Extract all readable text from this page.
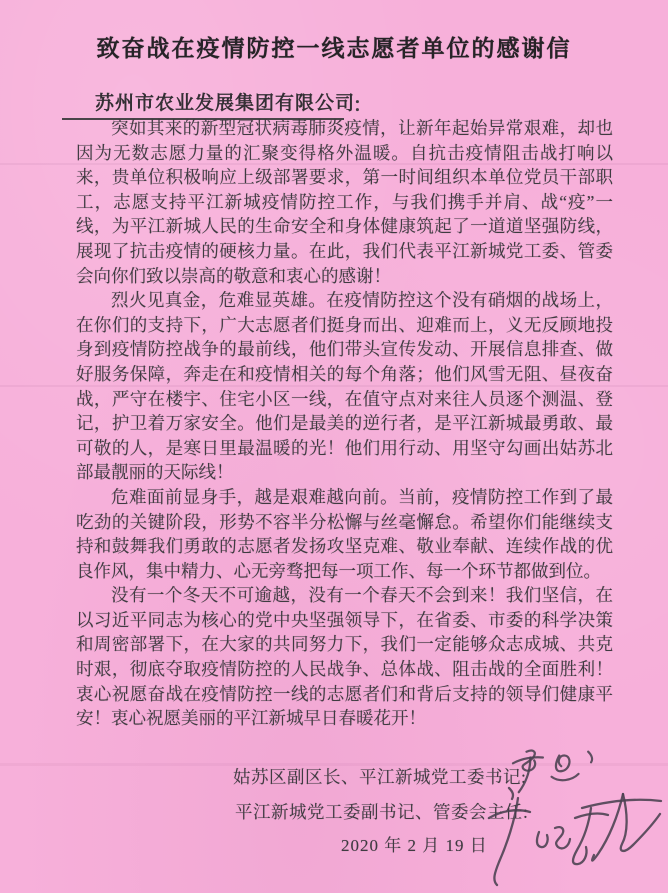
致奋战在疫情防控一线志愿者单位的感谢信
苏州市农业发展集团有限公司
：

突如其来的新型冠状病毒肺炎疫情，让新年起始异常艰难，却也因为无数志愿力量的汇聚变得格外温暖。自抗击疫情阻击战打响以来，贵单位积极响应上级部署要求，第一时间组织本单位党员干部职工，志愿支持平江新城疫情防控工作，与我们携手并肩、战“疫”一线，为平江新城人民的生命安全和身体健康筑起了一道道坚强防线，展现了抗击疫情的硬核力量。在此，我们代表平江新城党工委、管委会向你们致以崇高的敬意和衷心的感谢！

烈火见真金，危难显英雄。在疫情防控这个没有硝烟的战场上，在你们的支持下，广大志愿者们挺身而出、迎难而上，义无反顾地投身到疫情防控战争的最前线，他们带头宣传发动、开展信息排查、做好服务保障，奔走在和疫情相关的每个角落；他们风雪无阻、昼夜奋战，严守在楼宇、住宅小区一线，在值守点对来往人员逐个测温、登记，护卫着万家安全。他们是最美的逆行者，是平江新城最勇敢、最可敬的人，是寒日里最温暖的光！他们用行动、用坚守勾画出姑苏北部最靓丽的天际线！

危难面前显身手，越是艰难越向前。当前，疫情防控工作到了最吃劲的关键阶段，形势不容半分松懈与丝毫懈怠。希望你们能继续支持和鼓舞我们勇敢的志愿者发扬攻坚克难、敬业奉献、连续作战的优良作风，集中精力、心无旁骛把每一项工作、每一个环节都做到位。

没有一个冬天不可逾越，没有一个春天不会到来！我们坚信，在以习近平同志为核心的党中央坚强领导下，在省委、市委的科学决策和周密部署下，在大家的共同努力下，我们一定能够众志成城、共克时艰，彻底夺取疫情防控的人民战争、总体战、阻击战的全面胜利！衷心祝愿奋战在疫情防控一线的志愿者们和背后支持的领导们健康平安！衷心祝愿美丽的平江新城早日春暖花开！

姑苏区副区长、平江新城党工委书记:
平江新城党工委副书记、管委会主任:
2020 年 2 月 19 日
